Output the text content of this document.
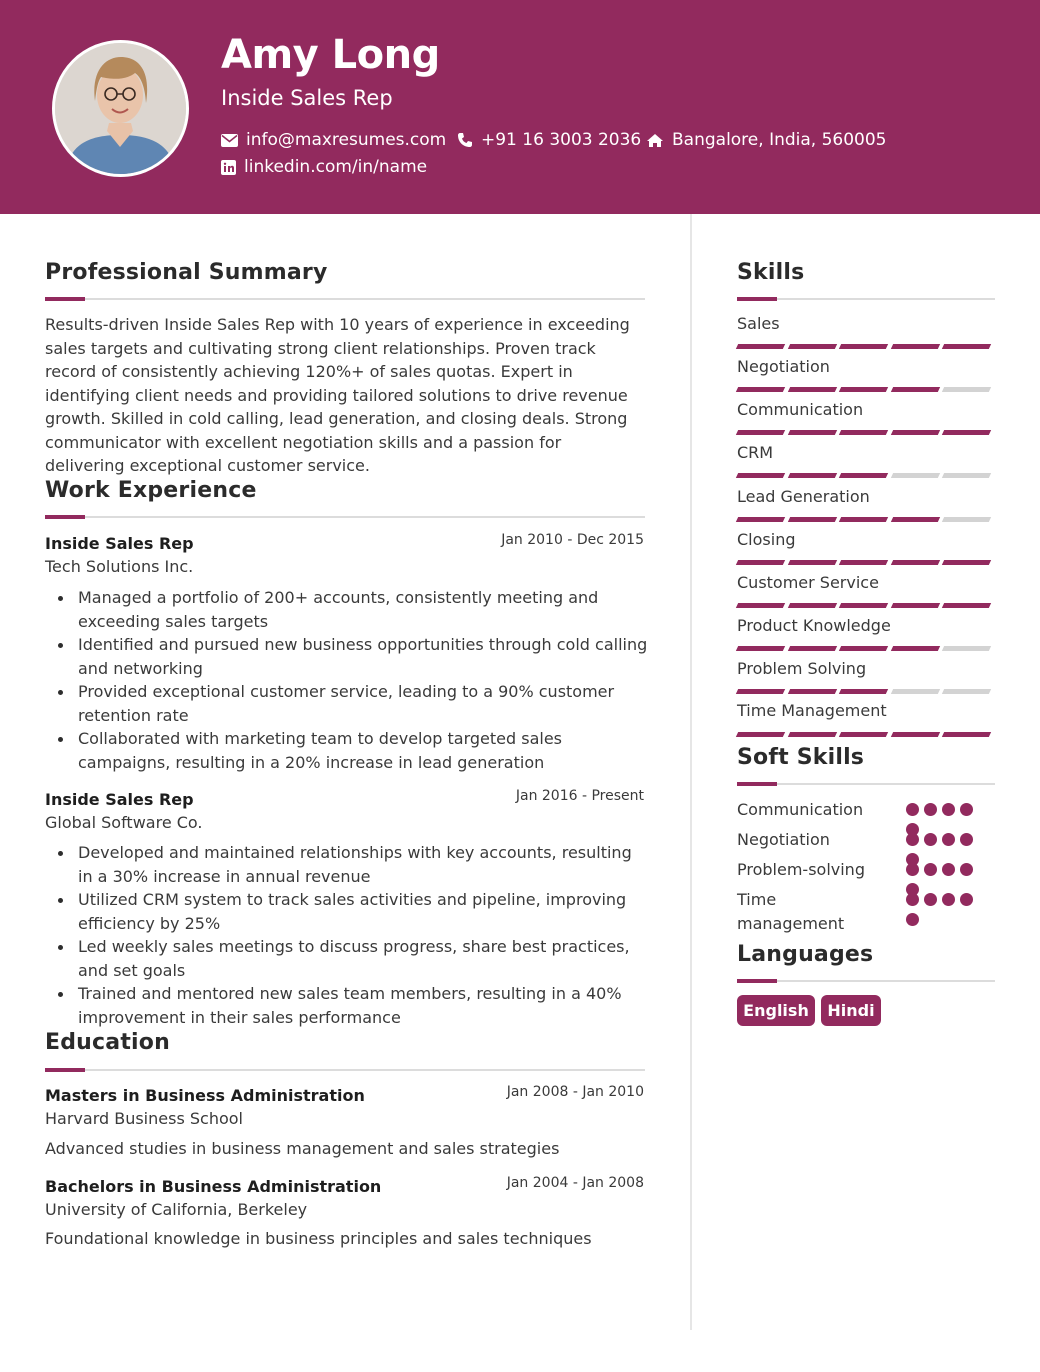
Amy Long
Inside Sales Rep
info@maxresumes.com +91 16 3003 2036 Bangalore, India, 560005
linkedin.com/in/name
Professional Summary
Results-driven Inside Sales Rep with 10 years of experience in exceeding sales targets and cultivating strong client relationships. Proven track record of consistently achieving 120%+ of sales quotas. Expert in identifying client needs and providing tailored solutions to drive revenue growth. Skilled in cold calling, lead generation, and closing deals. Strong communicator with excellent negotiation skills and a passion for delivering exceptional customer service.
Work Experience
Inside Sales Rep	Jan 2010 - Dec 2015
Tech Solutions Inc.
Managed a portfolio of 200+ accounts, consistently meeting and exceeding sales targets
Identified and pursued new business opportunities through cold calling and networking
Provided exceptional customer service, leading to a 90% customer retention rate
Collaborated with marketing team to develop targeted sales campaigns, resulting in a 20% increase in lead generation
Inside Sales Rep	Jan 2016 - Present
Global Software Co.
Developed and maintained relationships with key accounts, resulting in a 30% increase in annual revenue
Utilized CRM system to track sales activities and pipeline, improving efficiency by 25%
Led weekly sales meetings to discuss progress, share best practices, and set goals
Trained and mentored new sales team members, resulting in a 40% improvement in their sales performance
Education
Masters in Business Administration	Jan 2008 - Jan 2010
Harvard Business School
Advanced studies in business management and sales strategies
Bachelors in Business Administration	Jan 2004 - Jan 2008
University of California, Berkeley
Foundational knowledge in business principles and sales techniques
Skills
Sales
Negotiation
Communication
CRM
Lead Generation
Closing
Customer Service
Product Knowledge
Problem Solving
Time Management
Soft Skills
Communication
Negotiation
Problem-solving
Time management
Languages
English	Hindi
